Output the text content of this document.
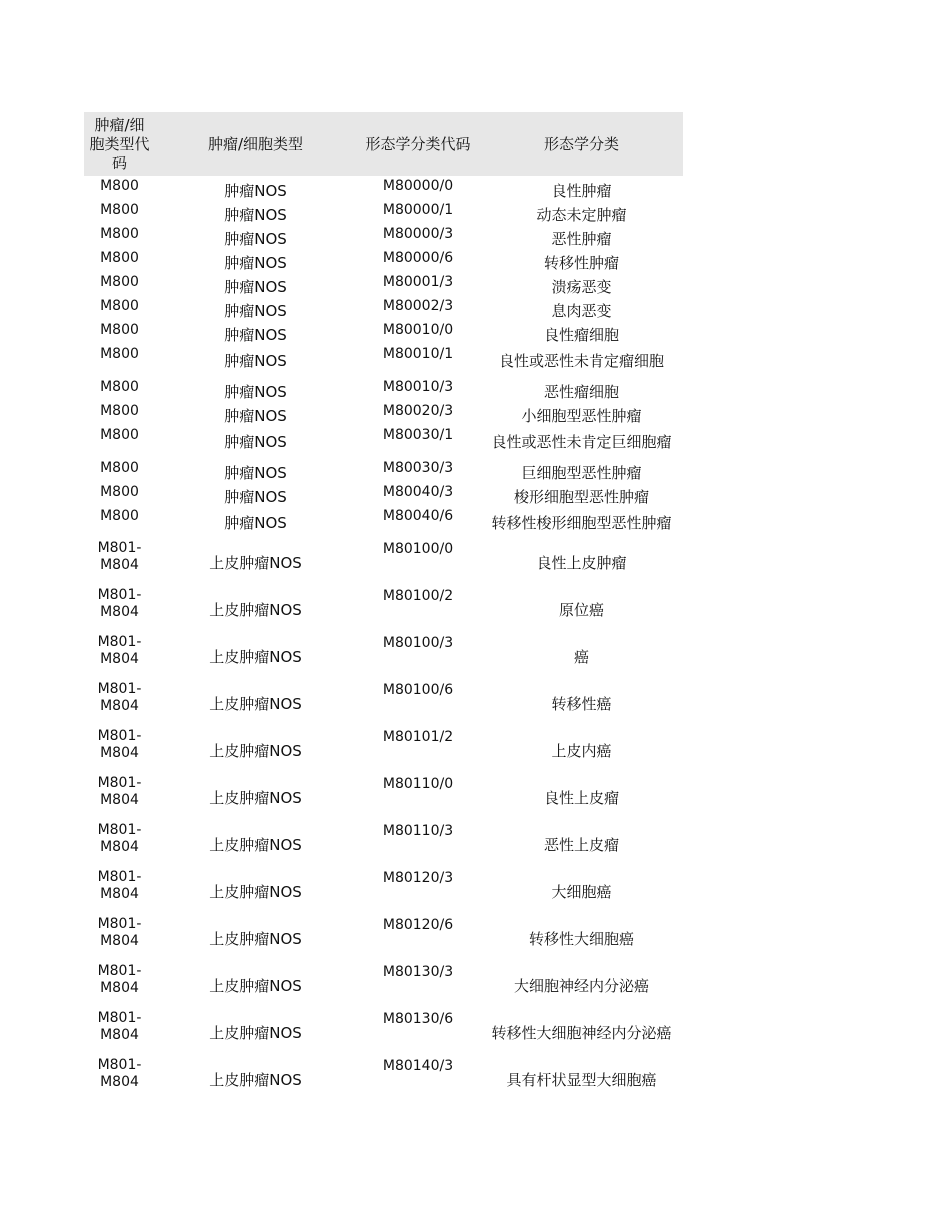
肿瘤/细胞类型代码	肿瘤/细胞类型	形态学分类代码	形态学分类
M800	肿瘤NOS	M80000/0	良性肿瘤
M800	肿瘤NOS	M80000/1	动态未定肿瘤
M800	肿瘤NOS	M80000/3	恶性肿瘤
M800	肿瘤NOS	M80000/6	转移性肿瘤
M800	肿瘤NOS	M80001/3	溃疡恶变
M800	肿瘤NOS	M80002/3	息肉恶变
M800	肿瘤NOS	M80010/0	良性瘤细胞
M800	肿瘤NOS	M80010/1	良性或恶性未肯定瘤细胞
M800	肿瘤NOS	M80010/3	恶性瘤细胞
M800	肿瘤NOS	M80020/3	小细胞型恶性肿瘤
M800	肿瘤NOS	M80030/1	良性或恶性未肯定巨细胞瘤
M800	肿瘤NOS	M80030/3	巨细胞型恶性肿瘤
M800	肿瘤NOS	M80040/3	梭形细胞型恶性肿瘤
M800	肿瘤NOS	M80040/6	转移性梭形细胞型恶性肿瘤
M801-M804	上皮肿瘤NOS	M80100/0	良性上皮肿瘤
M801-M804	上皮肿瘤NOS	M80100/2	原位癌
M801-M804	上皮肿瘤NOS	M80100/3	癌
M801-M804	上皮肿瘤NOS	M80100/6	转移性癌
M801-M804	上皮肿瘤NOS	M80101/2	上皮内癌
M801-M804	上皮肿瘤NOS	M80110/0	良性上皮瘤
M801-M804	上皮肿瘤NOS	M80110/3	恶性上皮瘤
M801-M804	上皮肿瘤NOS	M80120/3	大细胞癌
M801-M804	上皮肿瘤NOS	M80120/6	转移性大细胞癌
M801-M804	上皮肿瘤NOS	M80130/3	大细胞神经内分泌癌
M801-M804	上皮肿瘤NOS	M80130/6	转移性大细胞神经内分泌癌
M801-M804	上皮肿瘤NOS	M80140/3	具有杆状显型大细胞癌
